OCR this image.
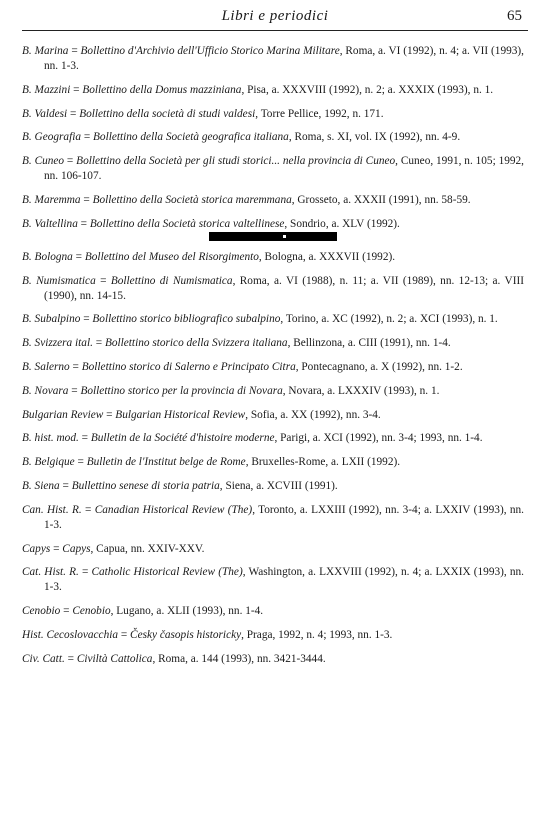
Libri e periodici	65

B. Marina = Bollettino d'Archivio dell'Ufficio Storico Marina Militare, Roma, a. VI (1992), n. 4; a. VII (1993), nn. 1-3.

B. Mazzini = Bollettino della Domus mazziniana, Pisa, a. XXXVIII (1992), n. 2; a. XXXIX (1993), n. 1.

B. Valdesi = Bollettino della società di studi valdesi, Torre Pellice, 1992, n. 171.

B. Geografia = Bollettino della Società geografica italiana, Roma, s. XI, vol. IX (1992), nn. 4-9.

B. Cuneo = Bollettino della Società per gli studi storici... nella provincia di Cuneo, Cuneo, 1991, n. 105; 1992, nn. 106-107.

B. Maremma = Bollettino della Società storica maremmana, Grosseto, a. XXXII (1991), nn. 58-59.

B. Valtellina = Bollettino della Società storica valtellinese, Sondrio, a. XLV (1992).

B. Bologna = Bollettino del Museo del Risorgimento, Bologna, a. XXXVII (1992).

B. Numismatica = Bollettino di Numismatica, Roma, a. VI (1988), n. 11; a. VII (1989), nn. 12-13; a. VIII (1990), nn. 14-15.

B. Subalpino = Bollettino storico bibliografico subalpino, Torino, a. XC (1992), n. 2; a. XCI (1993), n. 1.

B. Svizzera ital. = Bollettino storico della Svizzera italiana, Bellinzona, a. CIII (1991), nn. 1-4.

B. Salerno = Bollettino storico di Salerno e Principato Citra, Pontecagnano, a. X (1992), nn. 1-2.

B. Novara = Bollettino storico per la provincia di Novara, Novara, a. LXXXIV (1993), n. 1.

Bulgarian Review = Bulgarian Historical Review, Sofia, a. XX (1992), nn. 3-4.

B. hist. mod. = Bulletin de la Société d'histoire moderne, Parigi, a. XCI (1992), nn. 3-4; 1993, nn. 1-4.

B. Belgique = Bulletin de l'Institut belge de Rome, Bruxelles-Rome, a. LXII (1992).

B. Siena = Bullettino senese di storia patria, Siena, a. XCVIII (1991).

Can. Hist. R. = Canadian Historical Review (The), Toronto, a. LXXIII (1992), nn. 3-4; a. LXXIV (1993), nn. 1-3.

Capys = Capys, Capua, nn. XXIV-XXV.

Cat. Hist. R. = Catholic Historical Review (The), Washington, a. LXXVIII (1992), n. 4; a. LXXIX (1993), nn. 1-3.

Cenobio = Cenobio, Lugano, a. XLII (1993), nn. 1-4.

Hist. Cecoslovacchia = Česky časopis historicky, Praga, 1992, n. 4; 1993, nn. 1-3.

Civ. Catt. = Civiltà Cattolica, Roma, a. 144 (1993), nn. 3421-3444.
